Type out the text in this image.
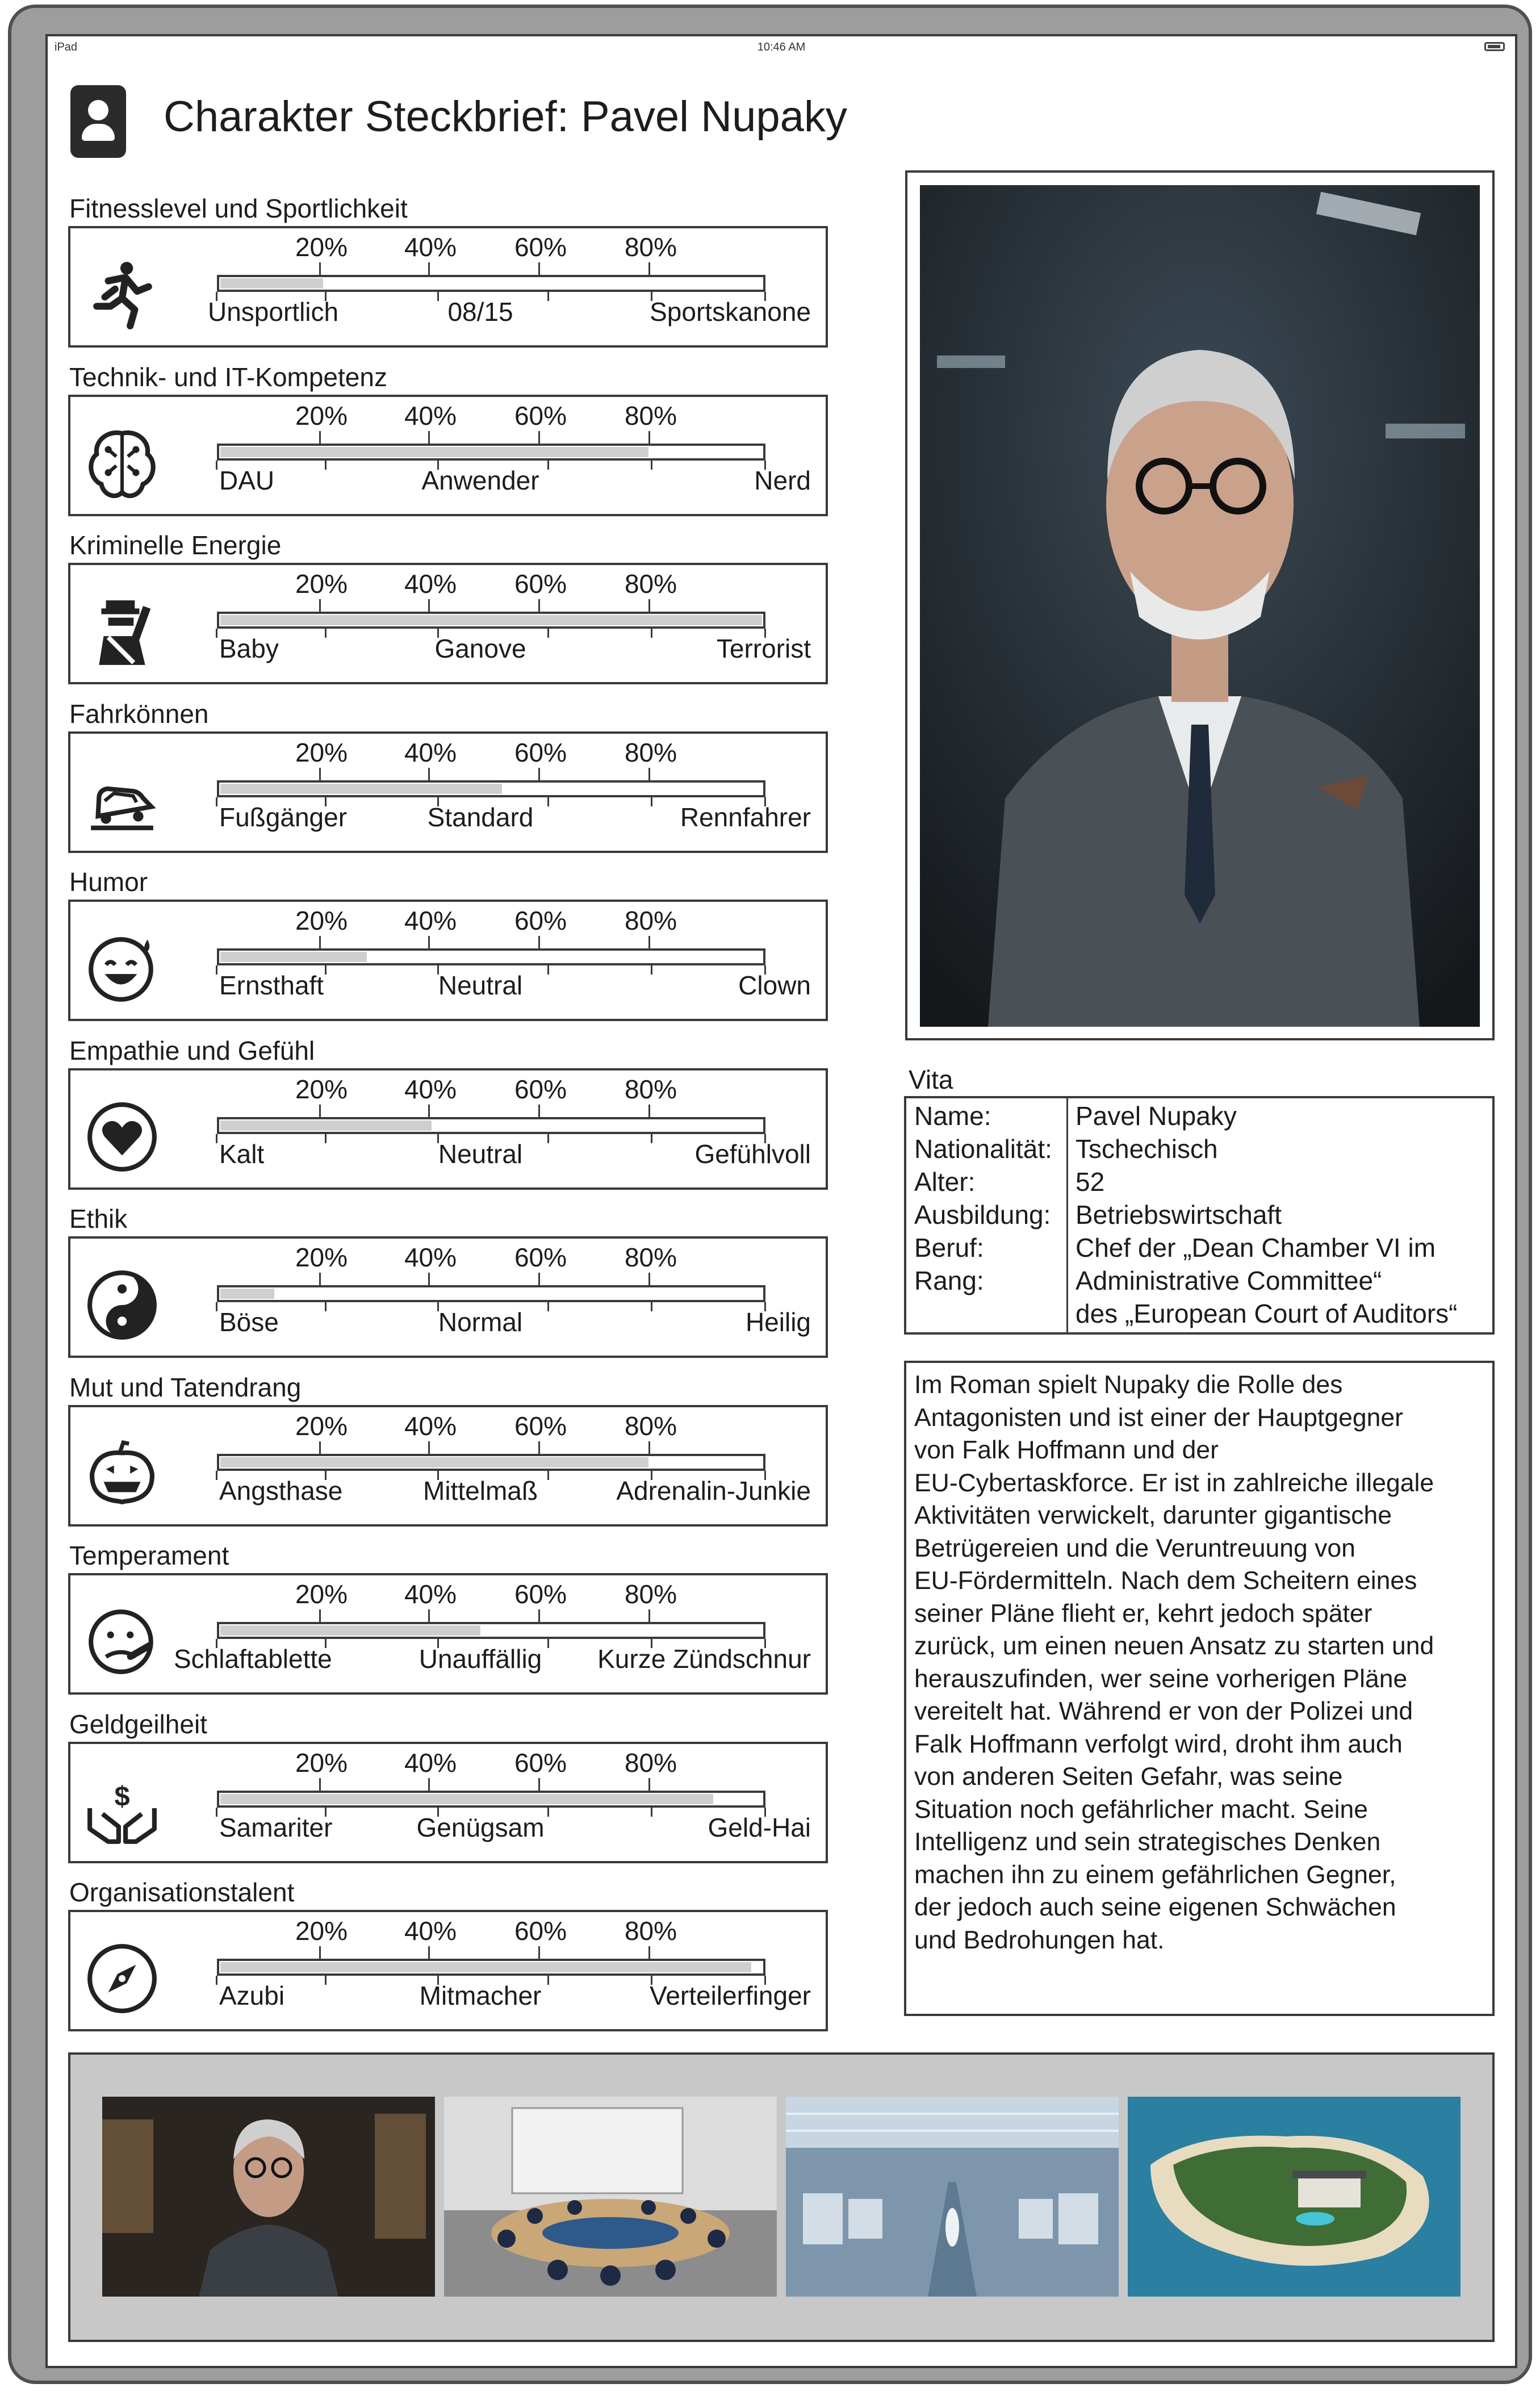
iPad	10:46 AM
Charakter Steckbrief: Pavel Nupaky
Fitnesslevel und Sportlichkeit
20% 40% 60% 80%
Unsportlich	08/15	Sportskanone
Technik- und IT-Kompetenz
20% 40% 60% 80%
DAU	Anwender	Nerd
Kriminelle Energie
20% 40% 60% 80%
Baby	Ganove	Terrorist
Fahrkönnen
20% 40% 60% 80%
Fußgänger	Standard	Rennfahrer
Humor
20% 40% 60% 80%
Ernsthaft	Neutral	Clown
Empathie und Gefühl
20% 40% 60% 80%
Kalt	Neutral	Gefühlvoll
Ethik
20% 40% 60% 80%
Böse	Normal	Heilig
Mut und Tatendrang
20% 40% 60% 80%
Angsthase	Mittelmaß	Adrenalin-Junkie
Temperament
20% 40% 60% 80%
Schlaftablette	Unauffällig Kurze Zündschnur
Geldgeilheit
$
20% 40% 60% 80%
Samariter	Genügsam	Geld-Hai
Organisationstalent
20% 40% 60% 80%
Azubi	Mitmacher	Verteilerfinger
Vita
Name:	Pavel Nupaky
Nationalität: Tschechisch
Alter:	52
Ausbildung: Betriebswirtschaft
Beruf:	Chef der „Dean Chamber VI im
Rang:	Administrative Committee“
des „European Court of Auditors“
Im Roman spielt Nupaky die Rolle des
Antagonisten und ist einer der Hauptgegner
von Falk Hoffmann und der
EU-Cybertaskforce. Er ist in zahlreiche illegale
Aktivitäten verwickelt, darunter gigantische
Betrügereien und die Veruntreuung von
EU-Fördermitteln. Nach dem Scheitern eines
seiner Pläne flieht er, kehrt jedoch später
zurück, um einen neuen Ansatz zu starten und
herauszufinden, wer seine vorherigen Pläne
vereitelt hat. Während er von der Polizei und
Falk Hoffmann verfolgt wird, droht ihm auch
von anderen Seiten Gefahr, was seine
Situation noch gefährlicher macht. Seine
Intelligenz und sein strategisches Denken
machen ihn zu einem gefährlichen Gegner,
der jedoch auch seine eigenen Schwächen
und Bedrohungen hat.
